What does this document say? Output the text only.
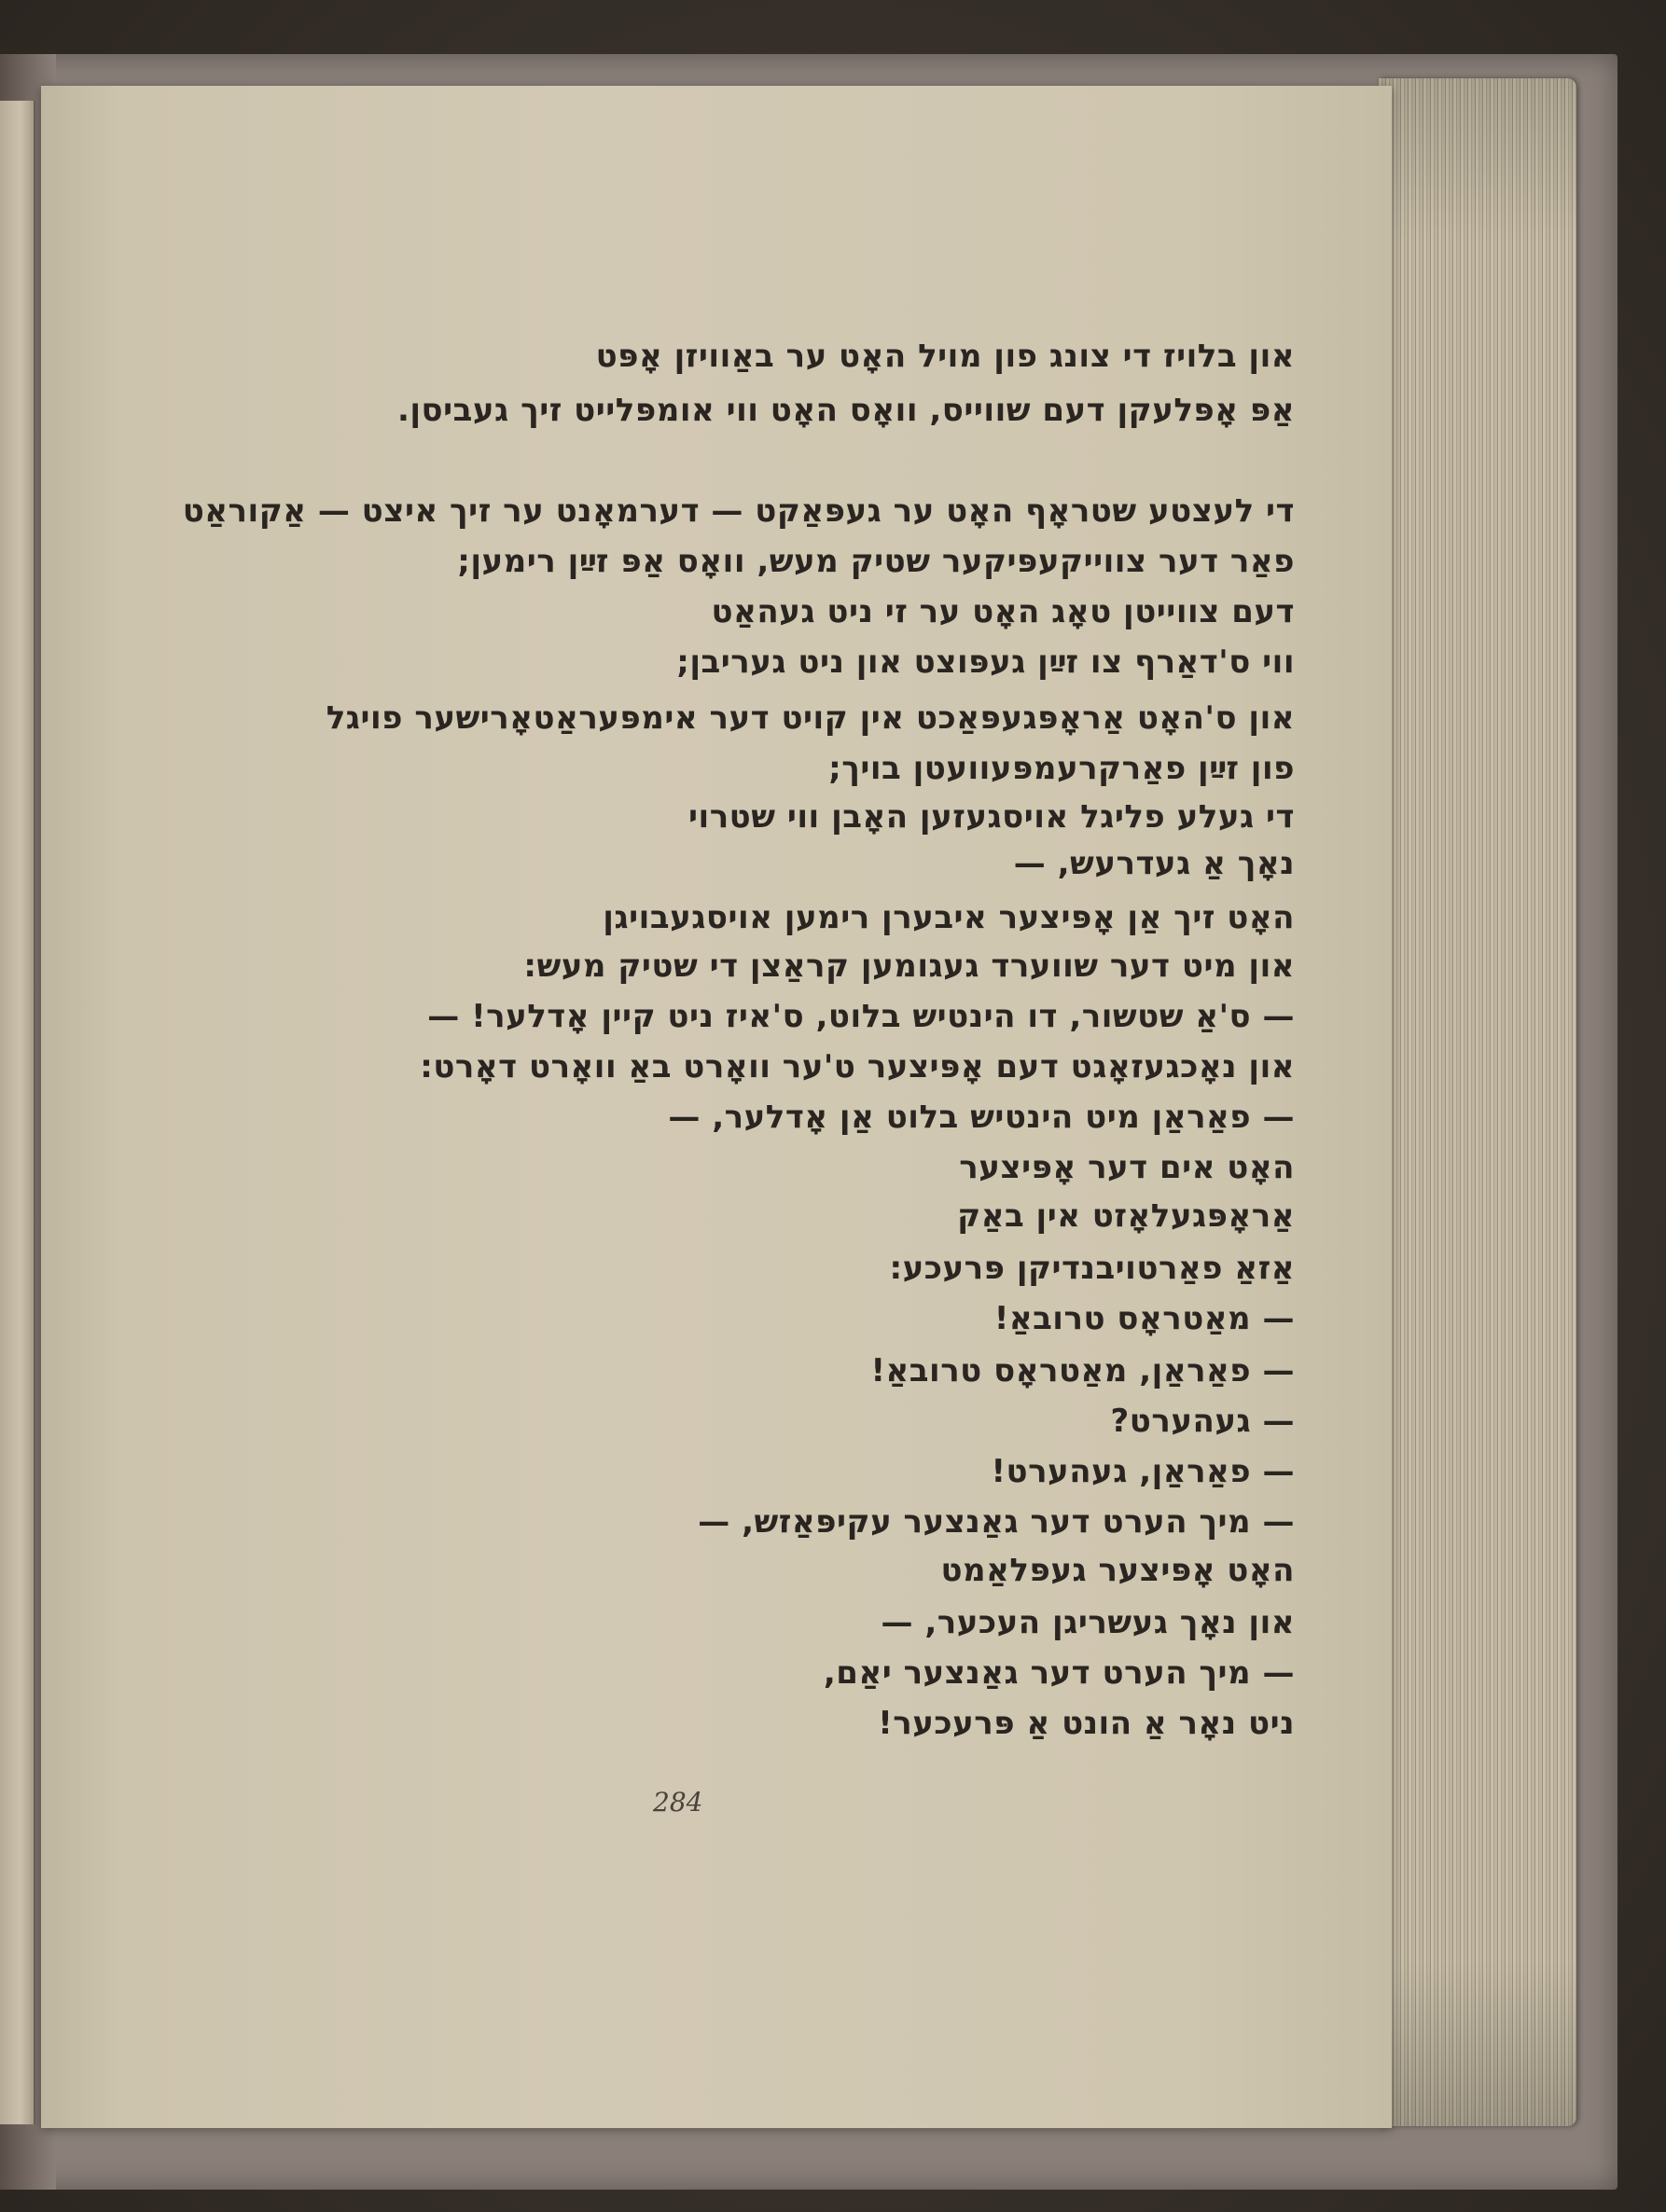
און בלויז די צונג פון מויל האָט ער באַוויזן אָפּט

אַפּ אָפּלעקן דעם שווייס, וואָס האָט ווי אומפּלייט זיך געביסן.

די לעצטע שטראָף האָט ער געפּאַקט — דערמאָנט ער זיך איצט — אַקוראַט

פאַר דער צווייקעפּיקער שטיק מעש, וואָס אַפּ זײַן רימען;

דעם צווייטן טאָג האָט ער זי ניט געהאַט

ווי ס'דאַרף צו זײַן געפּוצט און ניט געריבן;

און ס'האָט אַראָפּגעפּאַכט אין קויט דער אימפּעראַטאָרישער פויגל

פון זײַן פאַרקרעמפּעוועטן בויך;

די געלע פליגל אויסגעזען האָבן ווי שטרוי

נאָך אַ געדרעש, —

האָט זיך אַן אָפּיצער איבערן רימען אויסגעבויגן

און מיט דער שווערד געגומען קראַצן די שטיק מעש:

— ס'אַ שטשור, דו הינטיש בלוט, ס'איז ניט קיין אָדלער! —

און נאָכגעזאָגט דעם אָפּיצער ט'ער וואָרט באַ וואָרט דאָרט:

— פאַראַן מיט הינטיש בלוט אַן אָדלער, —

האָט אים דער אָפּיצער

אַראָפּגעלאָזט אין באַק

אַזאַ פאַרטויבנדיקן פּרעכע:

— מאַטראָס טרובאַ!

— פאַראַן, מאַטראָס טרובאַ!

— געהערט?

— פאַראַן, געהערט!

— מיך הערט דער גאַנצער עקיפּאַזש, —

האָט אָפּיצער געפּלאַמט

און נאָך געשריגן העכער, —

— מיך הערט דער גאַנצער יאַם,

ניט נאָר אַ הונט אַ פּרעכער!

284
